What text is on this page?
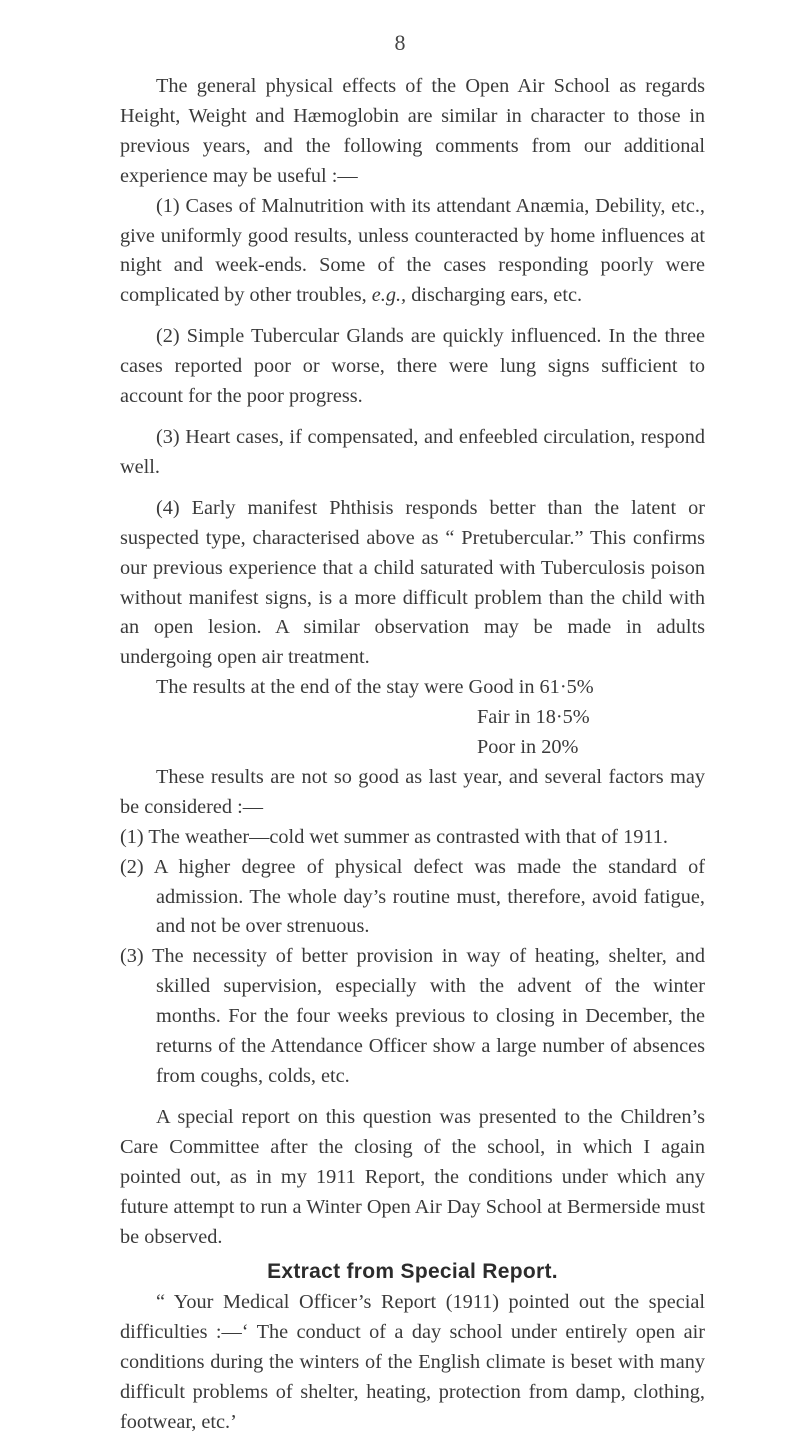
8

The general physical effects of the Open Air School as regards Height, Weight and Hæmoglobin are similar in character to those in previous years, and the following comments from our additional experience may be useful :—

(1) Cases of Malnutrition with its attendant Anæmia, Debility, etc., give uniformly good results, unless counteracted by home influences at night and week-ends. Some of the cases responding poorly were complicated by other troubles, e.g., discharging ears, etc.

(2) Simple Tubercular Glands are quickly influenced. In the three cases reported poor or worse, there were lung signs sufficient to account for the poor progress.

(3) Heart cases, if compensated, and enfeebled circulation, respond well.

(4) Early manifest Phthisis responds better than the latent or suspected type, characterised above as “ Pretubercular.” This confirms our previous experience that a child saturated with Tuberculosis poison without manifest signs, is a more difficult problem than the child with an open lesion. A similar observation may be made in adults undergoing open air treatment.

The results at the end of the stay were Good in 61·5%
Fair in 18·5%
Poor in 20%

These results are not so good as last year, and several factors may be considered :—

(1) The weather—cold wet summer as contrasted with that of 1911.

(2) A higher degree of physical defect was made the standard of admission. The whole day’s routine must, therefore, avoid fatigue, and not be over strenuous.

(3) The necessity of better provision in way of heating, shelter, and skilled supervision, especially with the advent of the winter months. For the four weeks previous to closing in December, the returns of the Attendance Officer show a large number of absences from coughs, colds, etc.

A special report on this question was presented to the Children’s Care Committee after the closing of the school, in which I again pointed out, as in my 1911 Report, the conditions under which any future attempt to run a Winter Open Air Day School at Bermerside must be observed.

Extract from Special Report.

“ Your Medical Officer’s Report (1911) pointed out the special difficulties :—‘ The conduct of a day school under entirely open air conditions during the winters of the English climate is beset with many difficult problems of shelter, heating, protection from damp, clothing, footwear, etc.’
